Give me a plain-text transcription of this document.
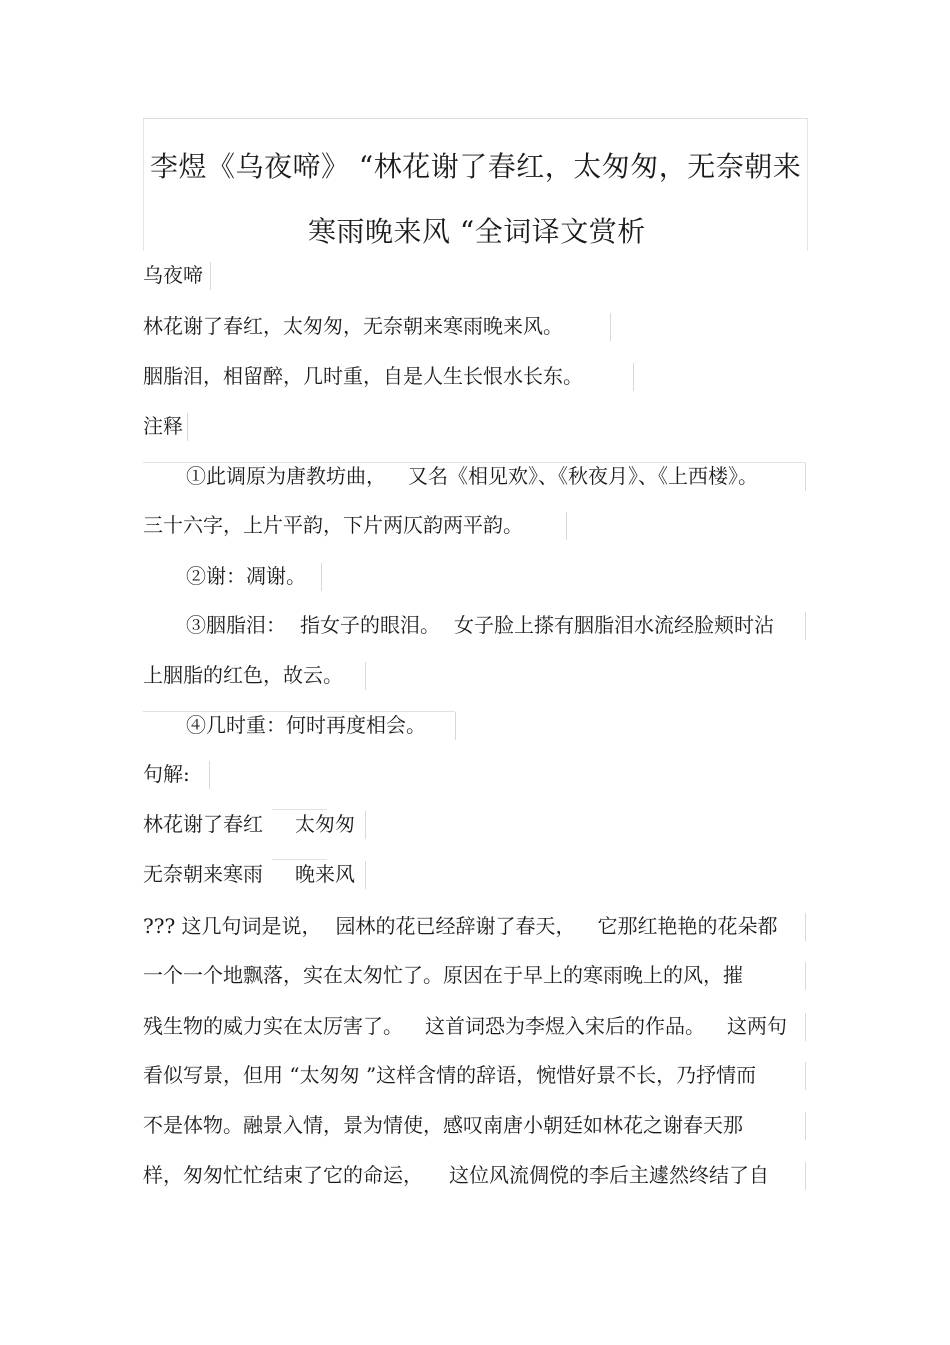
李煜《乌夜啼》 “林花谢了春红，太匆匆，无奈朝来
寒雨晚来风 “全词译文赏析
乌夜啼
林花谢了春红，太匆匆，无奈朝来寒雨晚来风。
胭脂泪，相留醉，几时重，自是人生长恨水长东。
注释
①此调原为唐教坊曲， 又名《相见欢》、《秋夜月》、《上西楼》。
三十六字，上片平韵，下片两仄韵两平韵。
②谢：凋谢。
③胭脂泪： 指女子的眼泪。 女子脸上搽有胭脂泪水流经脸颊时沾
上胭脂的红色，故云。
④几时重：何时再度相会。
句解:
林花谢了春红 太匆匆
无奈朝来寒雨 晚来风
??? 这几句词是说， 园林的花已经辞谢了春天， 它那红艳艳的花朵都
一个一个地飘落，实在太匆忙了。原因在于早上的寒雨晚上的风，摧
残生物的威力实在太厉害了。 这首词恐为李煜入宋后的作品。 这两句
看似写景，但用 “太匆匆 ”这样含情的辞语，惋惜好景不长，乃抒情而
不是体物。融景入情，景为情使，感叹南唐小朝廷如林花之谢春天那
样，匆匆忙忙结束了它的命运， 这位风流倜傥的李后主遽然终结了自
